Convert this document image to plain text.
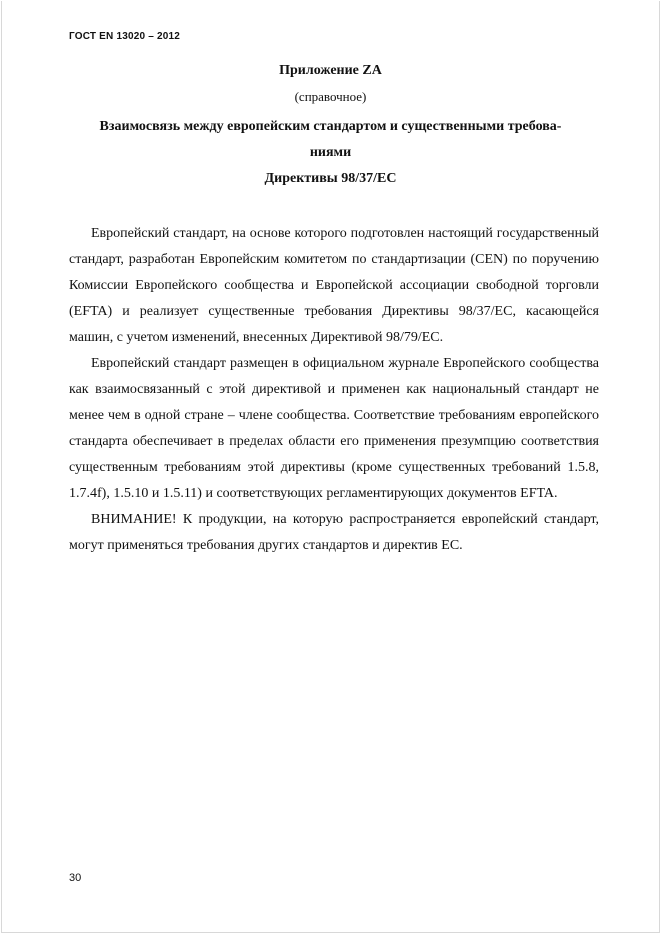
ГОСТ EN 13020 – 2012
Приложение ZA
(справочное)
Взаимосвязь между европейским стандартом и существенными требова-
ниями
Директивы 98/37/ЕС

Европейский стандарт, на основе которого подготовлен настоящий государственный стандарт, разработан Европейским комитетом по стандартизации (CEN) по поручению Комиссии Европейского сообщества и Европейской ассоциации свободной торговли (EFTA) и реализует существенные требования Директивы 98/37/ЕС, касающейся машин, с учетом изменений, внесенных Директивой 98/79/ЕС.

Европейский стандарт размещен в официальном журнале Европейского сообщества как взаимосвязанный с этой директивой и применен как национальный стандарт не менее чем в одной стране – члене сообщества. Соответствие требованиям европейского стандарта обеспечивает в пределах области его применения презумпцию соответствия существенным требованиям этой директивы (кроме существенных требований 1.5.8, 1.7.4f), 1.5.10 и 1.5.11) и соответствующих регламентирующих документов EFTA.

ВНИМАНИЕ! К продукции, на которую распространяется европейский стандарт, могут применяться требования других стандартов и директив ЕС.

30
